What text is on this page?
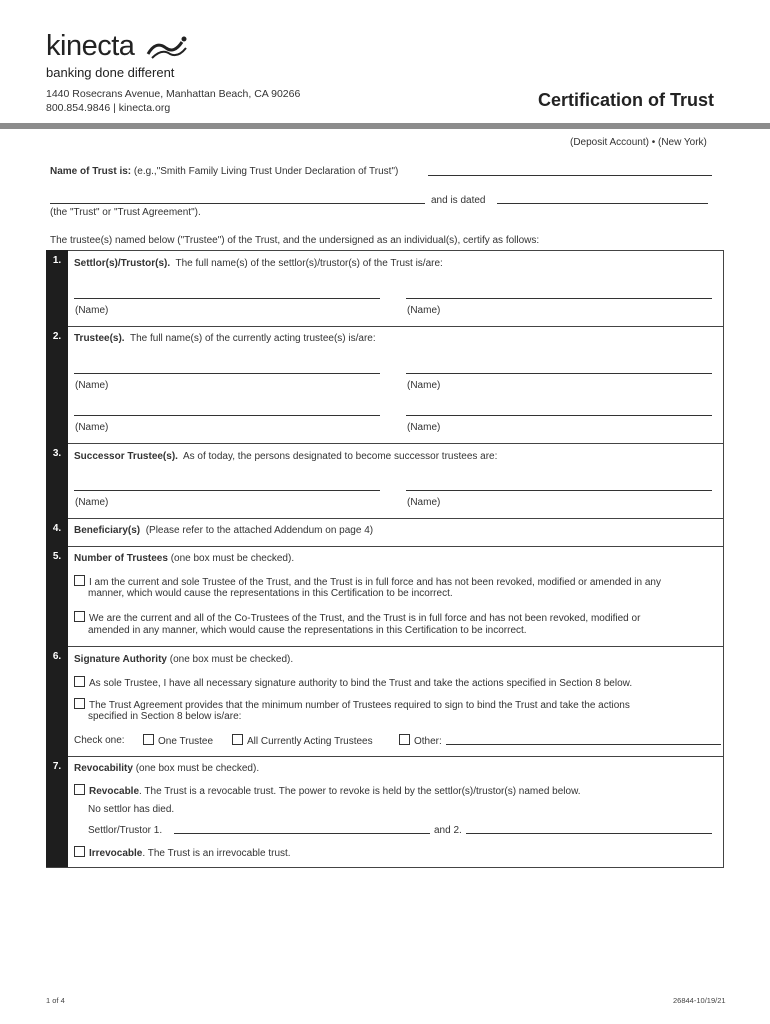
kinecta
banking done different
1440 Rosecrans Avenue, Manhattan Beach, CA 90266
800.854.9846 | kinecta.org	Certification of Trust
(Deposit Account) • (New York)
Name of Trust is: (e.g.,"Smith Family Living Trust Under Declaration of Trust")
and is dated
(the "Trust" or "Trust Agreement").
The trustee(s) named below ("Trustee") of the Trust, and the undersigned as an individual(s), certify as follows:
1.	Settlor(s)/Trustor(s). The full name(s) of the settlor(s)/trustor(s) of the Trust is/are:
(Name)	(Name)
2.	Trustee(s). The full name(s) of the currently acting trustee(s) is/are:
(Name)	(Name)
(Name)	(Name)
3.	Successor Trustee(s). As of today, the persons designated to become successor trustees are:
(Name)	(Name)
4.	Beneficiary(s) (Please refer to the attached Addendum on page 4)
5.	Number of Trustees (one box must be checked).
I am the current and sole Trustee of the Trust, and the Trust is in full force and has not been revoked, modified or amended in any
manner, which would cause the representations in this Certification to be incorrect.
We are the current and all of the Co-Trustees of the Trust, and the Trust is in full force and has not been revoked, modified or
amended in any manner, which would cause the representations in this Certification to be incorrect.
6.	Signature Authority (one box must be checked).
As sole Trustee, I have all necessary signature authority to bind the Trust and take the actions specified in Section 8 below.
The Trust Agreement provides that the minimum number of Trustees required to sign to bind the Trust and take the actions
specified in Section 8 below is/are:
Check one:	One Trustee	All Currently Acting Trustees	Other:
7.	Revocability (one box must be checked).
Revocable. The Trust is a revocable trust. The power to revoke is held by the settlor(s)/trustor(s) named below.
No settlor has died.
Settlor/Trustor 1.	and 2.
Irrevocable. The Trust is an irrevocable trust.
1 of 4	26844-10/19/21
